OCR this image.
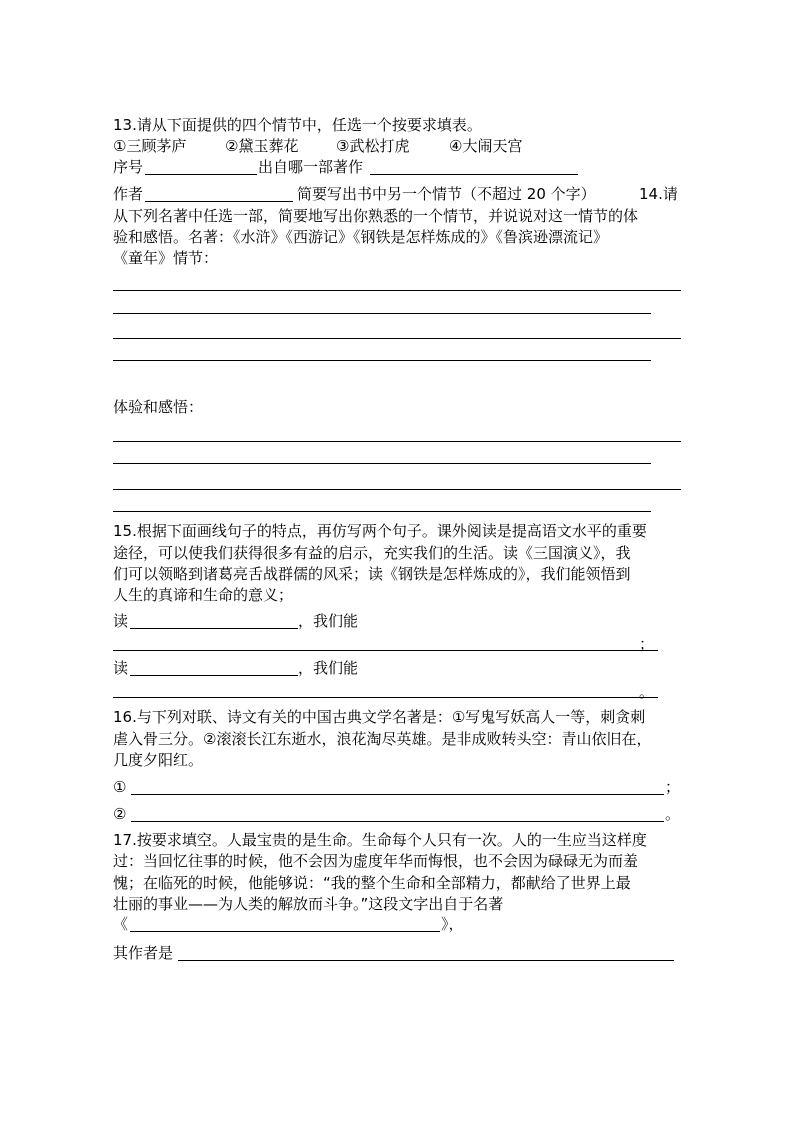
13.请从下面提供的四个情节中，任选一个按要求填表。
①三顾茅庐	②黛玉葬花	③武松打虎	④大闹天宫
序号	出自哪一部著作
作者	简要写出书中另一个情节（不超过 20 个字）	14.请
从下列名著中任选一部，简要地写出你熟悉的一个情节，并说说对这一情节的体
验和感悟。名著：《水浒》《西游记》《钢铁是怎样炼成的》《鲁滨逊漂流记》
《童年》情节：
体验和感悟：
15.根据下面画线句子的特点，再仿写两个句子。课外阅读是提高语文水平的重要
途径，可以使我们获得很多有益的启示，充实我们的生活。读《三国演义》，我
们可以领略到诸葛亮舌战群儒的风采；读《钢铁是怎样炼成的》，我们能领悟到
人生的真谛和生命的意义；
读	，我们能
；
读	，我们能
。
16.与下列对联、诗文有关的中国古典文学名著是：①写鬼写妖高人一等，刺贪刺
虐入骨三分。②滚滚长江东逝水，浪花淘尽英雄。是非成败转头空：青山依旧在，
几度夕阳红。
①	；
②	。
17.按要求填空。人最宝贵的是生命。生命每个人只有一次。人的一生应当这样度
过：当回忆往事的时候，他不会因为虚度年华而悔恨，也不会因为碌碌无为而羞
愧；在临死的时候，他能够说：“我的整个生命和全部精力，都献给了世界上最
壮丽的事业——为人类的解放而斗争。”这段文字出自于名著
《	》，
其作者是
